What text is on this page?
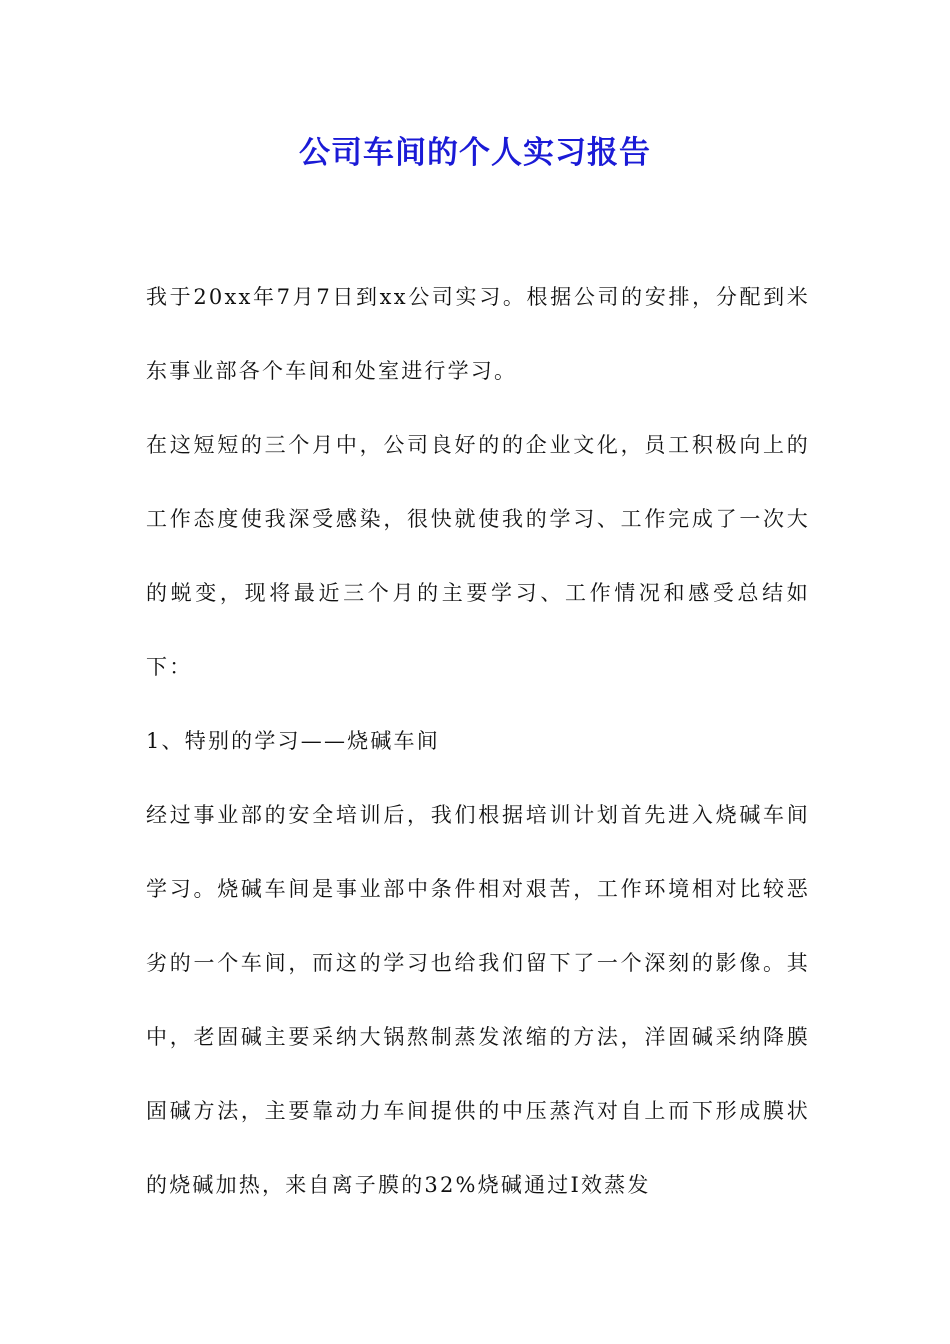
公司车间的个人实习报告

我于20xx年7月7日到xx公司实习。根据公司的安排，分配到米东事业部各个车间和处室进行学习。

在这短短的三个月中，公司良好的的企业文化，员工积极向上的工作态度使我深受感染，很快就使我的学习、工作完成了一次大的蜕变，现将最近三个月的主要学习、工作情况和感受总结如下：

1、特别的学习——烧碱车间

经过事业部的安全培训后，我们根据培训计划首先进入烧碱车间学习。烧碱车间是事业部中条件相对艰苦，工作环境相对比较恶劣的一个车间，而这的学习也给我们留下了一个深刻的影像。其中，老固碱主要采纳大锅熬制蒸发浓缩的方法，洋固碱采纳降膜固碱方法，主要靠动力车间提供的中压蒸汽对自上而下形成膜状的烧碱加热，来自离子膜的32%烧碱通过Ⅰ效蒸发
